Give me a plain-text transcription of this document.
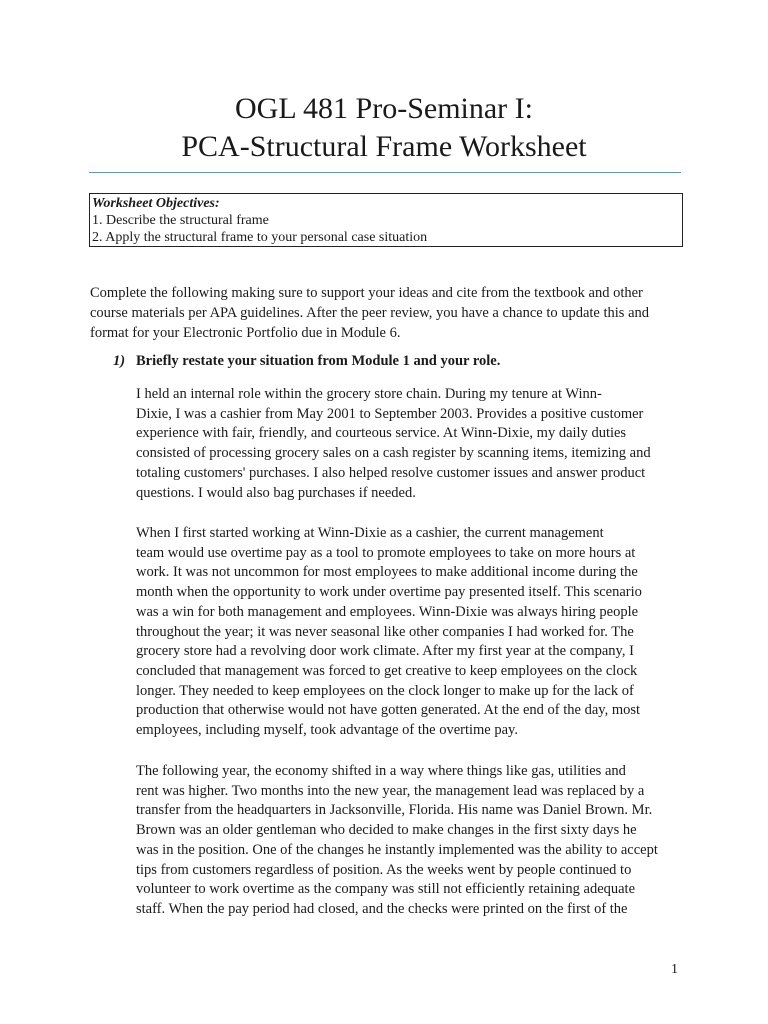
OGL 481 Pro-Seminar I:
PCA-Structural Frame Worksheet
Worksheet Objectives:
1. Describe the structural frame
2. Apply the structural frame to your personal case situation
Complete the following making sure to support your ideas and cite from the textbook and other
course materials per APA guidelines. After the peer review, you have a chance to update this and
format for your Electronic Portfolio due in Module 6.
1) Briefly restate your situation from Module 1 and your role.
I held an internal role within the grocery store chain. During my tenure at Winn-
Dixie, I was a cashier from May 2001 to September 2003. Provides a positive customer
experience with fair, friendly, and courteous service. At Winn-Dixie, my daily duties
consisted of processing grocery sales on a cash register by scanning items, itemizing and
totaling customers' purchases. I also helped resolve customer issues and answer product
questions. I would also bag purchases if needed.
When I first started working at Winn-Dixie as a cashier, the current management
team would use overtime pay as a tool to promote employees to take on more hours at
work. It was not uncommon for most employees to make additional income during the
month when the opportunity to work under overtime pay presented itself. This scenario
was a win for both management and employees. Winn-Dixie was always hiring people
throughout the year; it was never seasonal like other companies I had worked for. The
grocery store had a revolving door work climate. After my first year at the company, I
concluded that management was forced to get creative to keep employees on the clock
longer. They needed to keep employees on the clock longer to make up for the lack of
production that otherwise would not have gotten generated. At the end of the day, most
employees, including myself, took advantage of the overtime pay.
The following year, the economy shifted in a way where things like gas, utilities and
rent was higher. Two months into the new year, the management lead was replaced by a
transfer from the headquarters in Jacksonville, Florida. His name was Daniel Brown. Mr.
Brown was an older gentleman who decided to make changes in the first sixty days he
was in the position. One of the changes he instantly implemented was the ability to accept
tips from customers regardless of position. As the weeks went by people continued to
volunteer to work overtime as the company was still not efficiently retaining adequate
staff. When the pay period had closed, and the checks were printed on the first of the
1
